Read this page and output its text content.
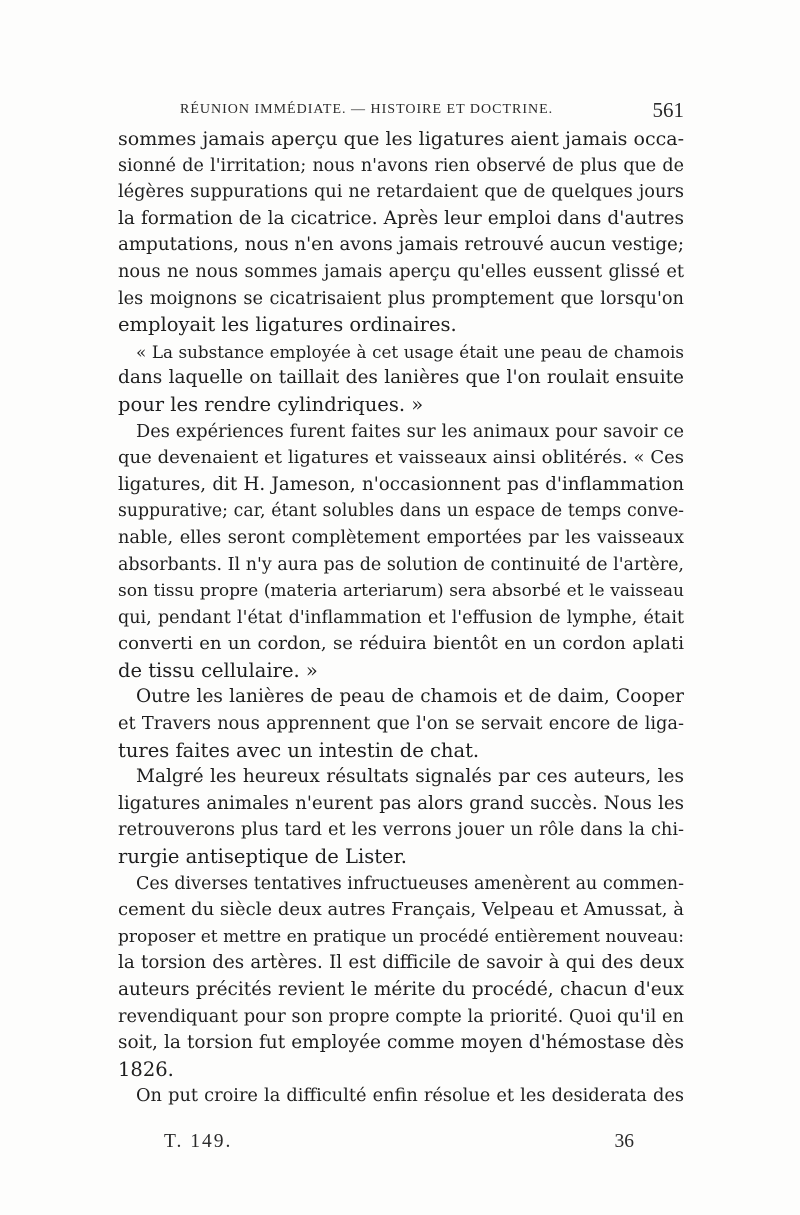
RÉUNION IMMÉDIATE. — HISTOIRE ET DOCTRINE.	561
sommes jamais aperçu que les ligatures aient jamais occa-
sionné de l'irritation; nous n'avons rien observé de plus que de
légères suppurations qui ne retardaient que de quelques jours
la formation de la cicatrice. Après leur emploi dans d'autres
amputations, nous n'en avons jamais retrouvé aucun vestige;
nous ne nous sommes jamais aperçu qu'elles eussent glissé et
les moignons se cicatrisaient plus promptement que lorsqu'on
employait les ligatures ordinaires.
« La substance employée à cet usage était une peau de chamois
dans laquelle on taillait des lanières que l'on roulait ensuite
pour les rendre cylindriques. »
Des expériences furent faites sur les animaux pour savoir ce
que devenaient et ligatures et vaisseaux ainsi oblitérés. « Ces
ligatures, dit H. Jameson, n'occasionnent pas d'inflammation
suppurative; car, étant solubles dans un espace de temps conve-
nable, elles seront complètement emportées par les vaisseaux
absorbants. Il n'y aura pas de solution de continuité de l'artère,
son tissu propre (materia arteriarum) sera absorbé et le vaisseau
qui, pendant l'état d'inflammation et l'effusion de lymphe, était
converti en un cordon, se réduira bientôt en un cordon aplati
de tissu cellulaire. »
Outre les lanières de peau de chamois et de daim, Cooper
et Travers nous apprennent que l'on se servait encore de liga-
tures faites avec un intestin de chat.
Malgré les heureux résultats signalés par ces auteurs, les
ligatures animales n'eurent pas alors grand succès. Nous les
retrouverons plus tard et les verrons jouer un rôle dans la chi-
rurgie antiseptique de Lister.
Ces diverses tentatives infructueuses amenèrent au commen-
cement du siècle deux autres Français, Velpeau et Amussat, à
proposer et mettre en pratique un procédé entièrement nouveau:
la torsion des artères. Il est difficile de savoir à qui des deux
auteurs précités revient le mérite du procédé, chacun d'eux
revendiquant pour son propre compte la priorité. Quoi qu'il en
soit, la torsion fut employée comme moyen d'hémostase dès
1826.
On put croire la difficulté enfin résolue et les desiderata des
T. 149.	36
